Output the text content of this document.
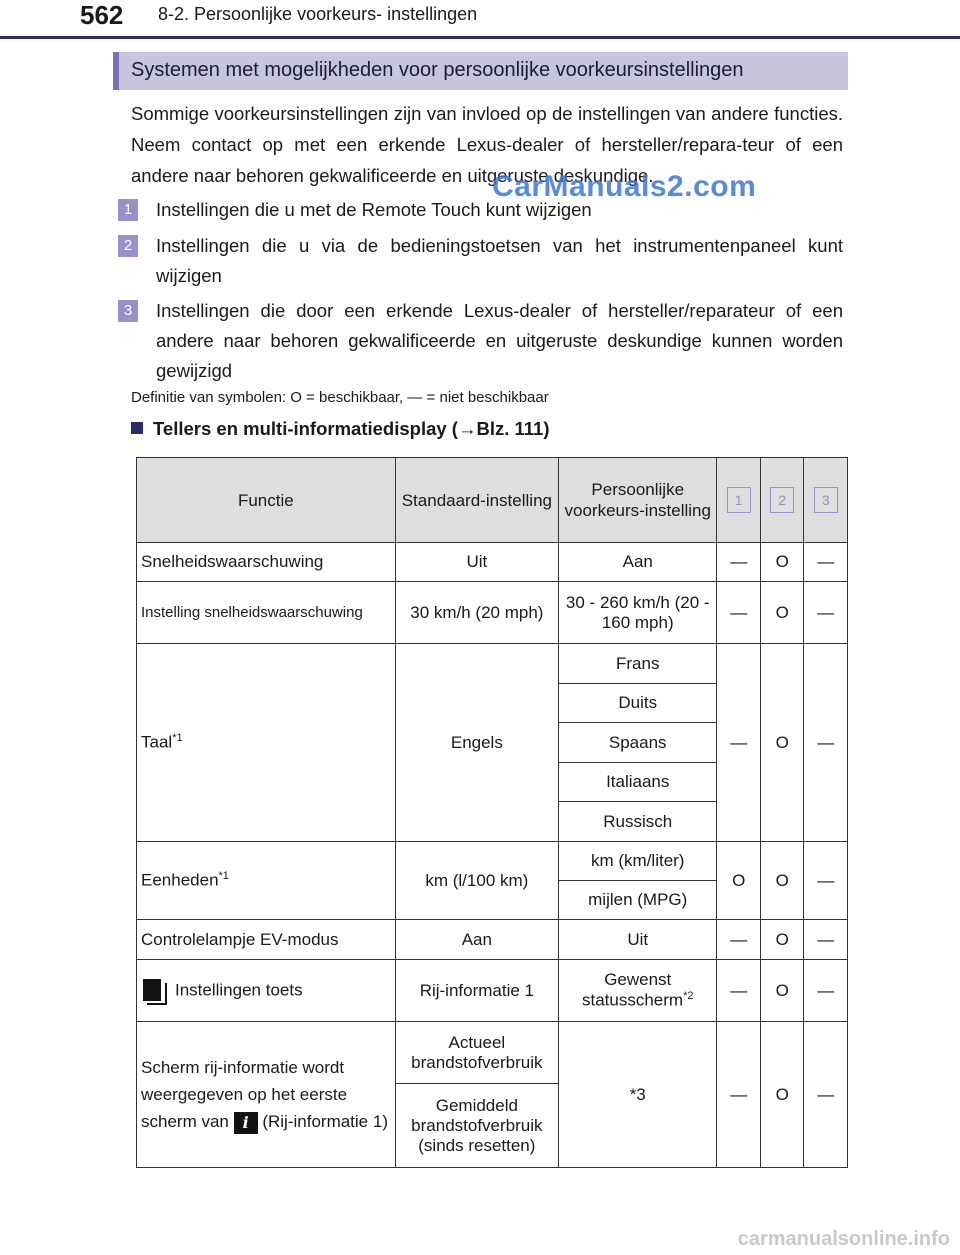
562 8-2. Persoonlijke voorkeurs- instellingen
Systemen met mogelijkheden voor persoonlijke voorkeursinstellingen
Sommige voorkeursinstellingen zijn van invloed op de instellingen van andere functies. Neem contact op met een erkende Lexus-dealer of hersteller/repara-teur of een andere naar behoren gekwalificeerde en uitgeruste deskundige.
1	Instellingen die u met de Remote Touch kunt wijzigen
2	Instellingen die u via de bedieningstoetsen van het instrumentenpaneel kunt wijzigen
3	Instellingen die door een erkende Lexus-dealer of hersteller/reparateur of een andere naar behoren gekwalificeerde en uitgeruste deskundige kunnen worden gewijzigd
Definitie van symbolen: O = beschikbaar, — = niet beschikbaar
Tellers en multi-informatiedisplay (→Blz. 111)
Functie	Standaard-instelling	Persoonlijke voorkeurs-instelling	1	2	3
Snelheidswaarschuwing	Uit	Aan	—	O	—
Instelling snelheidswaarschuwing	30 km/h (20 mph)	30 - 260 km/h (20 - 160 mph)	—	O	—
Taal$^{*1}$	Engels	Frans	—	O	—
		Duits			
		Spaans			
		Italiaans			
		Russisch			
Eenheden$^{*1}$	km (l/100 km)	km (km/liter)	O	O	—
		mijlen (MPG)			
Controlelampje EV-modus	Aan	Uit	—	O	—
Instellingen toets	Rij-informatie 1	Gewenst statusscherm$^{*2}$	—	O	—
Scherm rij-informatie wordt weergegeven op het eerste scherm van i (Rij-informatie 1)	Actueel brandstofverbruik	*3	—	O	—
	Gemiddeld brandstofverbruik (sinds resetten)				
CarManuals2.com
carmanualsonline.info
